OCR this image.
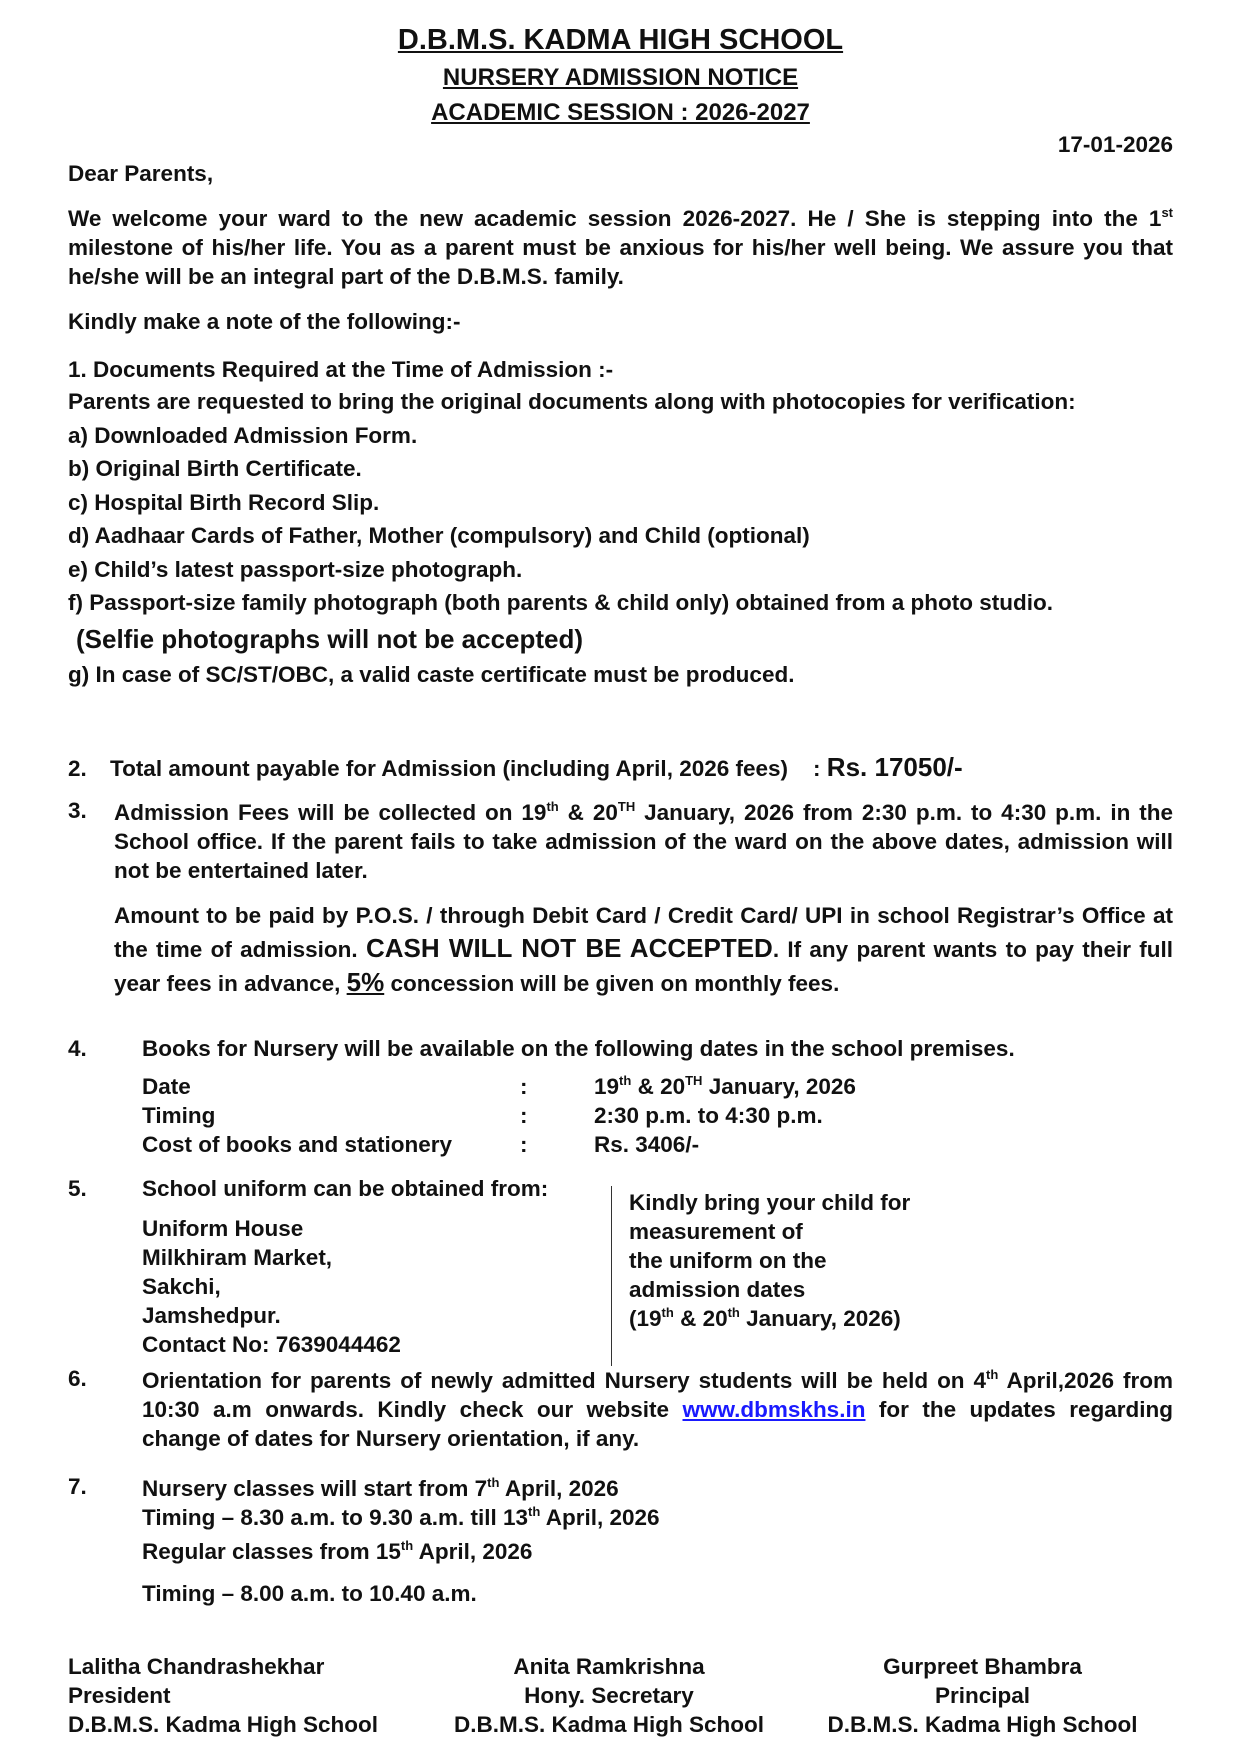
D.B.M.S. KADMA HIGH SCHOOL
NURSERY ADMISSION NOTICE
ACADEMIC SESSION : 2026-2027
17-01-2026
Dear Parents,
We welcome your ward to the new academic session 2026-2027. He / She is stepping into the 1st milestone of his/her life. You as a parent must be anxious for his/her well being. We assure you that he/she will be an integral part of the D.B.M.S. family.
Kindly make a note of the following:-
1. Documents Required at the Time of Admission :-
Parents are requested to bring the original documents along with photocopies for verification:
a) Downloaded Admission Form.
b) Original Birth Certificate.
c) Hospital Birth Record Slip.
d) Aadhaar Cards of Father, Mother (compulsory) and Child (optional)
e) Child’s latest passport-size photograph.
f) Passport-size family photograph (both parents & child only) obtained from a photo studio.
(Selfie photographs will not be accepted)
g) In case of SC/ST/OBC, a valid caste certificate must be produced.
2. Total amount payable for Admission (including April, 2026 fees) : Rs. 17050/-
3. Admission Fees will be collected on 19th & 20TH January, 2026 from 2:30 p.m. to 4:30 p.m. in the School office. If the parent fails to take admission of the ward on the above dates, admission will not be entertained later.
Amount to be paid by P.O.S. / through Debit Card / Credit Card/ UPI in school Registrar’s Office at the time of admission. CASH WILL NOT BE ACCEPTED. If any parent wants to pay their full year fees in advance, 5% concession will be given on monthly fees.
4. Books for Nursery will be available on the following dates in the school premises.
Date	:	19th & 20TH January, 2026
Timing	:	2:30 p.m. to 4:30 p.m.
Cost of books and stationery	:	Rs. 3406/-
5. School uniform can be obtained from:
Uniform House
Milkhiram Market,
Sakchi,
Jamshedpur.
Contact No: 7639044462
Kindly bring your child for
measurement of
the uniform on the
admission dates
(19th & 20th January, 2026)
6. Orientation for parents of newly admitted Nursery students will be held on 4th April,2026 from 10:30 a.m onwards. Kindly check our website www.dbmskhs.in for the updates regarding change of dates for Nursery orientation, if any.
7. Nursery classes will start from 7th April, 2026
Timing – 8.30 a.m. to 9.30 a.m. till 13th April, 2026
Regular classes from 15th April, 2026
Timing – 8.00 a.m. to 10.40 a.m.
Lalitha Chandrashekhar
President
D.B.M.S. Kadma High School
Anita Ramkrishna
Hony. Secretary
D.B.M.S. Kadma High School
Gurpreet Bhambra
Principal
D.B.M.S. Kadma High School
